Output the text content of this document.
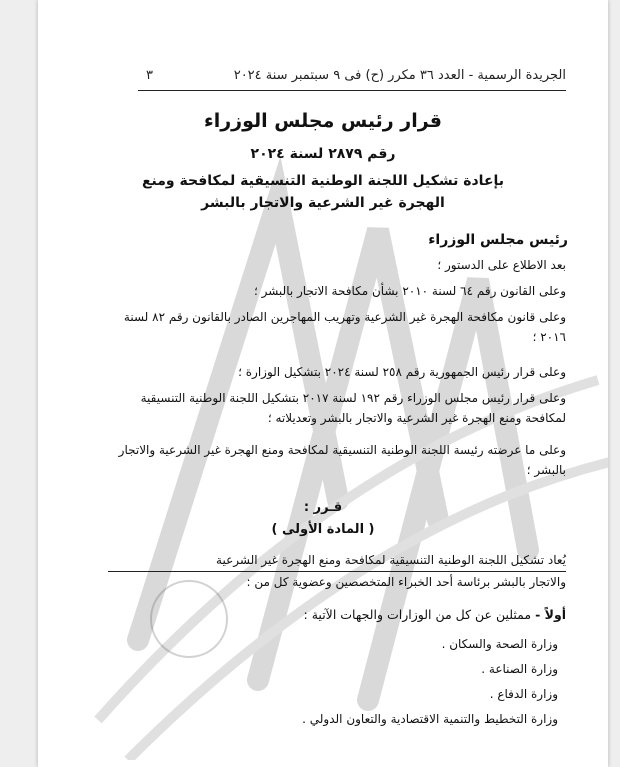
الجريدة الرسمية - العدد ٣٦ مكرر (ح) فى ٩ سبتمبر سنة ٢٠٢٤
٣
قرار رئيس مجلس الوزراء
رقم ٢٨٧٩ لسنة ٢٠٢٤
بإعادة تشكيل اللجنة الوطنية التنسيقية لمكافحة ومنع
الهجرة غير الشرعية والاتجار بالبشر
رئيس مجلس الوزراء
بعد الاطلاع على الدستور ؛
وعلى القانون رقم ٦٤ لسنة ٢٠١٠ بشأن مكافحة الاتجار بالبشر ؛
وعلى قانون مكافحة الهجرة غير الشرعية وتهريب المهاجرين الصادر بالقانون رقم ٨٢ لسنة ٢٠١٦ ؛
وعلى قرار رئيس الجمهورية رقم ٢٥٨ لسنة ٢٠٢٤ بتشكيل الوزارة ؛
وعلى قرار رئيس مجلس الوزراء رقم ١٩٢ لسنة ٢٠١٧ بتشكيل اللجنة الوطنية التنسيقية لمكافحة ومنع الهجرة غير الشرعية والاتجار بالبشر وتعديلاته ؛
وعلى ما عرضته رئيسة اللجنة الوطنية التنسيقية لمكافحة ومنع الهجرة غير الشرعية والاتجار بالبشر ؛
قـرر :
( المادة الأولى )
يُعاد تشكيل اللجنة الوطنية التنسيقية لمكافحة ومنع الهجرة غير الشرعية
والاتجار بالبشر برئاسة أحد الخبراء المتخصصين وعضوية كل من :
أولاً - ممثلين عن كل من الوزارات والجهات الآتية :
وزارة الصحة والسكان .
وزارة الصناعة .
وزارة الدفاع .
وزارة التخطيط والتنمية الاقتصادية والتعاون الدولي .
